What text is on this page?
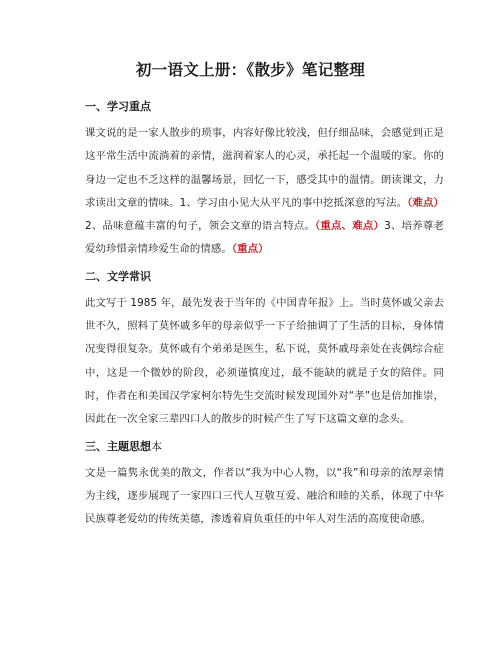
初一语文上册：《散步》笔记整理
一、学习重点

课文说的是一家人散步的琐事，内容好像比较浅，但仔细品味，会感觉到正是这平常生活中流淌着的亲情，滋润着家人的心灵，承托起一个温暖的家。你的身边一定也不乏这样的温馨场景，回忆一下，感受其中的温情。朗读课文，力求读出文章的情味。1、学习由小见大从平凡的事中挖抵深意的写法。（难点）2、品味意蕴丰富的句子，领会文章的语言特点。（重点、难点）3、培养尊老爱幼珍惜亲情珍爱生命的情感。（重点）

二、文学常识

此文写于 1985 年，最先发表于当年的《中国青年报》上。当时莫怀戚父亲去世不久，照料了莫怀戚多年的母亲似乎一下子给抽调了了生活的目标，身体情况变得很复杂。莫怀戚有个弟弟是医生，私下说，莫怀戚母亲处在丧偶综合症中，这是一个微妙的阶段，必须谨慎度过，最不能缺的就是子女的陪伴。同时，作者在和美国汉学家柯尔特先生交流时候发现国外对“孝”也是倍加推崇，因此在一次全家三辈四口人的散步的时候产生了写下这篇文章的念头。

三、主题思想本

文是一篇隽永优美的散文，作者以“我为中心人物，以“我”和母亲的浓厚亲情为主线，逐步展现了一家四口三代人互敬互爱、融洽和睦的关系，体现了中华民族尊老爱幼的传统美德，渗透着肩负重任的中年人对生活的高度使命感。
